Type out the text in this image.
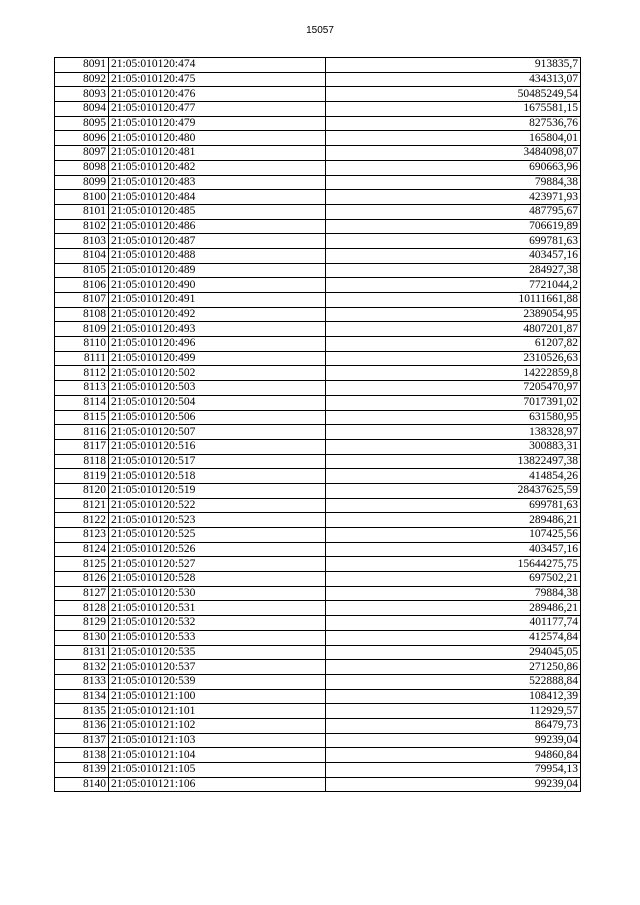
15057
8091	21:05:010120:474	913835,7
8092	21:05:010120:475	434313,07
8093	21:05:010120:476	50485249,54
8094	21:05:010120:477	1675581,15
8095	21:05:010120:479	827536,76
8096	21:05:010120:480	165804,01
8097	21:05:010120:481	3484098,07
8098	21:05:010120:482	690663,96
8099	21:05:010120:483	79884,38
8100	21:05:010120:484	423971,93
8101	21:05:010120:485	487795,67
8102	21:05:010120:486	706619,89
8103	21:05:010120:487	699781,63
8104	21:05:010120:488	403457,16
8105	21:05:010120:489	284927,38
8106	21:05:010120:490	7721044,2
8107	21:05:010120:491	10111661,88
8108	21:05:010120:492	2389054,95
8109	21:05:010120:493	4807201,87
8110	21:05:010120:496	61207,82
8111	21:05:010120:499	2310526,63
8112	21:05:010120:502	14222859,8
8113	21:05:010120:503	7205470,97
8114	21:05:010120:504	7017391,02
8115	21:05:010120:506	631580,95
8116	21:05:010120:507	138328,97
8117	21:05:010120:516	300883,31
8118	21:05:010120:517	13822497,38
8119	21:05:010120:518	414854,26
8120	21:05:010120:519	28437625,59
8121	21:05:010120:522	699781,63
8122	21:05:010120:523	289486,21
8123	21:05:010120:525	107425,56
8124	21:05:010120:526	403457,16
8125	21:05:010120:527	15644275,75
8126	21:05:010120:528	697502,21
8127	21:05:010120:530	79884,38
8128	21:05:010120:531	289486,21
8129	21:05:010120:532	401177,74
8130	21:05:010120:533	412574,84
8131	21:05:010120:535	294045,05
8132	21:05:010120:537	271250,86
8133	21:05:010120:539	522888,84
8134	21:05:010121:100	108412,39
8135	21:05:010121:101	112929,57
8136	21:05:010121:102	86479,73
8137	21:05:010121:103	99239,04
8138	21:05:010121:104	94860,84
8139	21:05:010121:105	79954,13
8140	21:05:010121:106	99239,04
